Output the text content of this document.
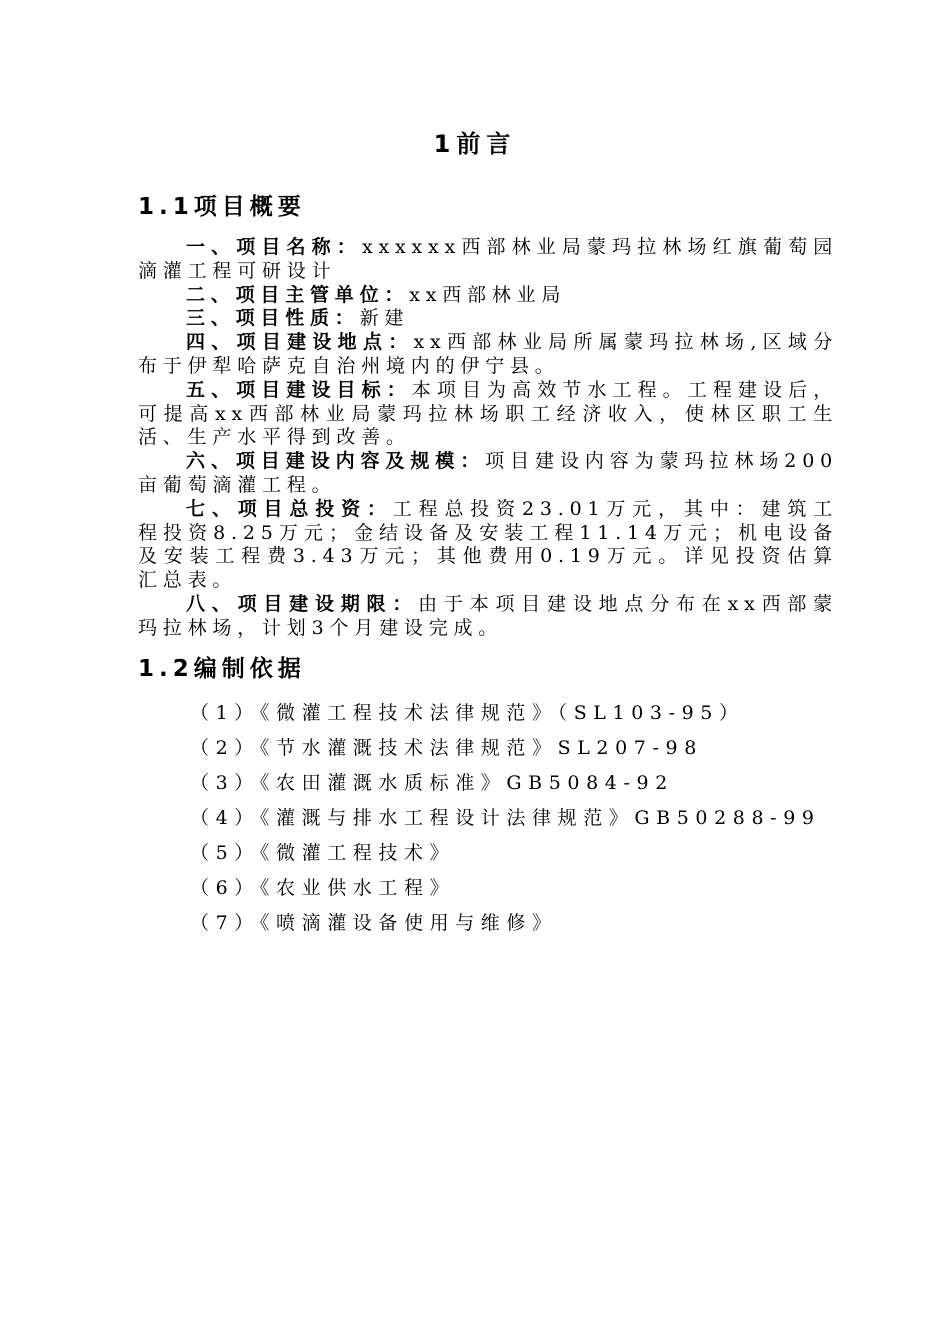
1前言
1.1项目概要

一、项目名称：xxxxxx西部林业局蒙玛拉林场红旗葡萄园滴灌工程可研设计

二、项目主管单位：xx西部林业局

三、项目性质：新建

四、项目建设地点：xx西部林业局所属蒙玛拉林场,区域分布于伊犁哈萨克自治州境内的伊宁县。

五、项目建设目标：本项目为高效节水工程。工程建设后，可提高xx西部林业局蒙玛拉林场职工经济收入，使林区职工生活、生产水平得到改善。

六、项目建设内容及规模：项目建设内容为蒙玛拉林场200亩葡萄滴灌工程。

七、项目总投资：工程总投资23.01万元，其中：建筑工程投资8.25万元；金结设备及安装工程11.14万元；机电设备及安装工程费3.43万元；其他费用0.19万元。详见投资估算汇总表。

八、项目建设期限：由于本项目建设地点分布在xx西部蒙玛拉林场，计划3个月建设完成。

1.2编制依据

（1）《微灌工程技术法律规范》（SL103-95）

（2）《节水灌溉技术法律规范》SL207-98

（3）《农田灌溉水质标准》GB5084-92

（4）《灌溉与排水工程设计法律规范》GB50288-99

（5）《微灌工程技术》

（6）《农业供水工程》

（7）《喷滴灌设备使用与维修》
